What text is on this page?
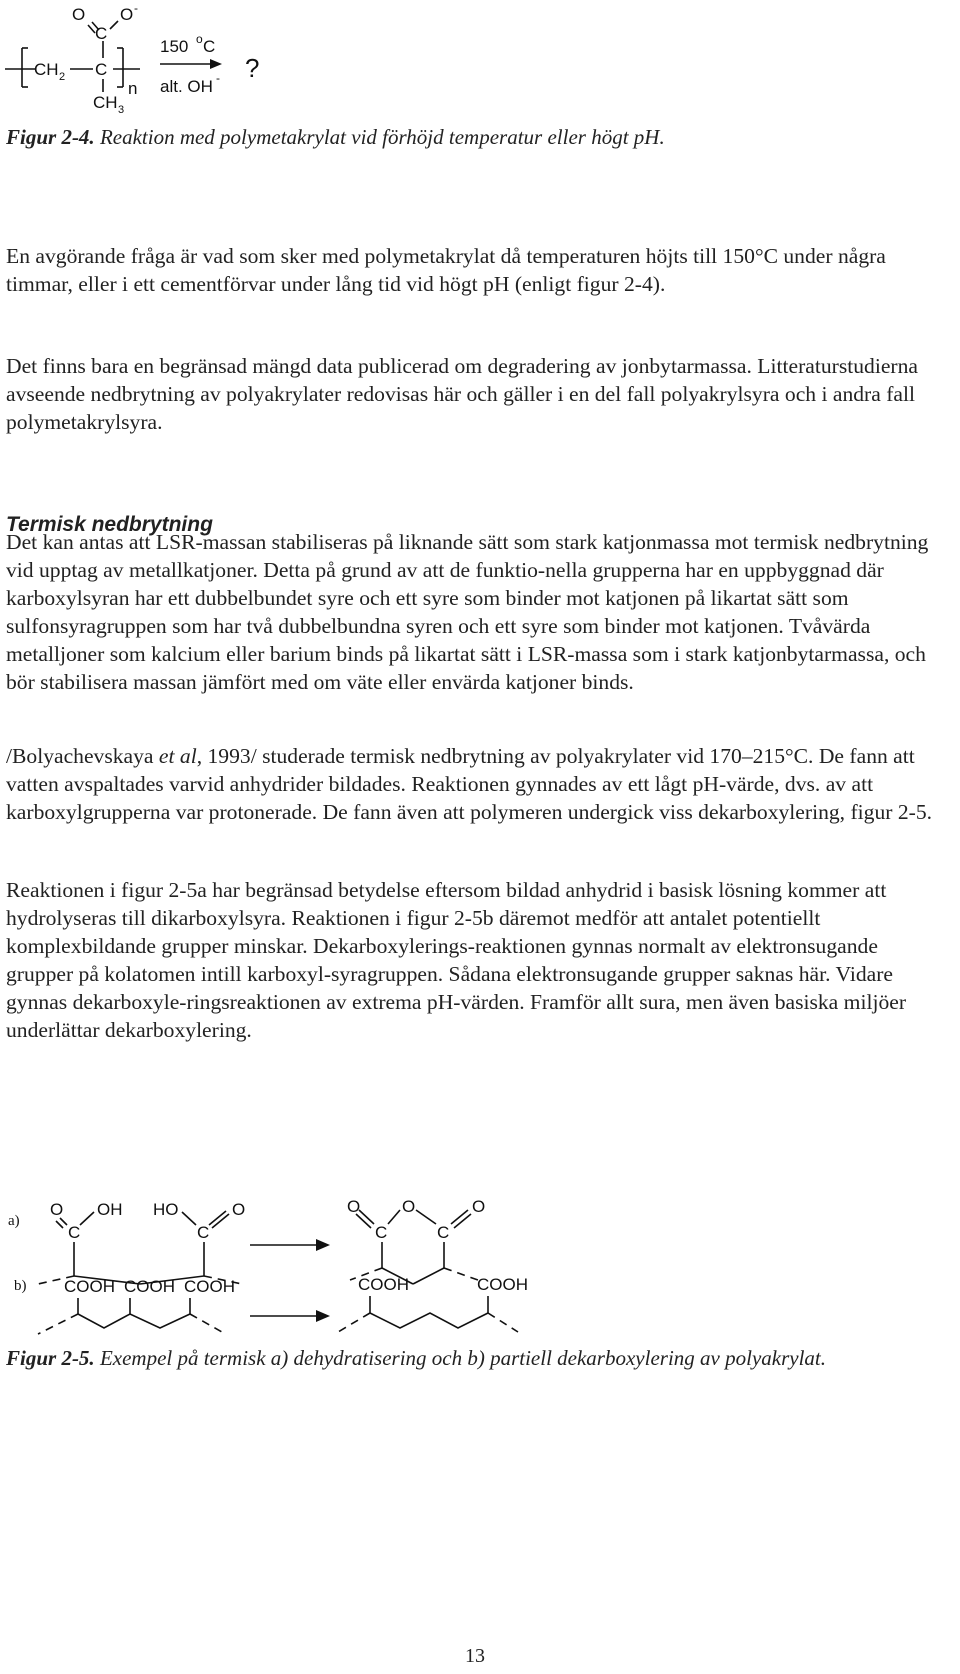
O O -
C
CH 2 C
n
CH 3
150 o C
alt. OH - ?
Figur 2-4. Reaktion med polymetakrylat vid förhöjd temperatur eller högt pH.

En avgörande fråga är vad som sker med polymetakrylat då temperaturen höjts till 150°C under några timmar, eller i ett cementförvar under lång tid vid högt pH (enligt figur 2-4).

Det finns bara en begränsad mängd data publicerad om degradering av jonbytarmassa. Litteraturstudierna avseende nedbrytning av polyakrylater redovisas här och gäller i en del fall polyakrylsyra och i andra fall polymetakrylsyra.

Termisk nedbrytning

Det kan antas att LSR-massan stabiliseras på liknande sätt som stark katjonmassa mot termisk nedbrytning vid upptag av metallkatjoner. Detta på grund av att de funktio-nella grupperna har en uppbyggnad där karboxylsyran har ett dubbelbundet syre och ett syre som binder mot katjonen på likartat sätt som sulfonsyragruppen som har två dubbelbundna syren och ett syre som binder mot katjonen. Tvåvärda metalljoner som kalcium eller barium binds på likartat sätt i LSR-massa som i stark katjonbytarmassa, och bör stabilisera massan jämfört med om väte eller envärda katjoner binds.

/Bolyachevskaya et al, 1993/ studerade termisk nedbrytning av polyakrylater vid 170–215°C. De fann att vatten avspaltades varvid anhydrider bildades. Reaktionen gynnades av ett lågt pH-värde, dvs. av att karboxylgrupperna var protonerade. De fann även att polymeren undergick viss dekarboxylering, figur 2-5.

Reaktionen i figur 2-5a har begränsad betydelse eftersom bildad anhydrid i basisk lösning kommer att hydrolyseras till dikarboxylsyra. Reaktionen i figur 2-5b däremot medför att antalet potentiellt komplexbildande grupper minskar. Dekarboxylerings-reaktionen gynnas normalt av elektronsugande grupper på kolatomen intill karboxyl-syragruppen. Sådana elektronsugande grupper saknas här. Vidare gynnas dekarboxyle-ringsreaktionen av extrema pH-värden. Framför allt sura, men även basiska miljöer underlättar dekarboxylering.

a)
O OH HO	O
C	C
O O	O
C	C
b) COOH COOH COOH	COOH	COOH
Figur 2-5. Exempel på termisk a) dehydratisering och b) partiell dekarboxylering av polyakrylat.
13
